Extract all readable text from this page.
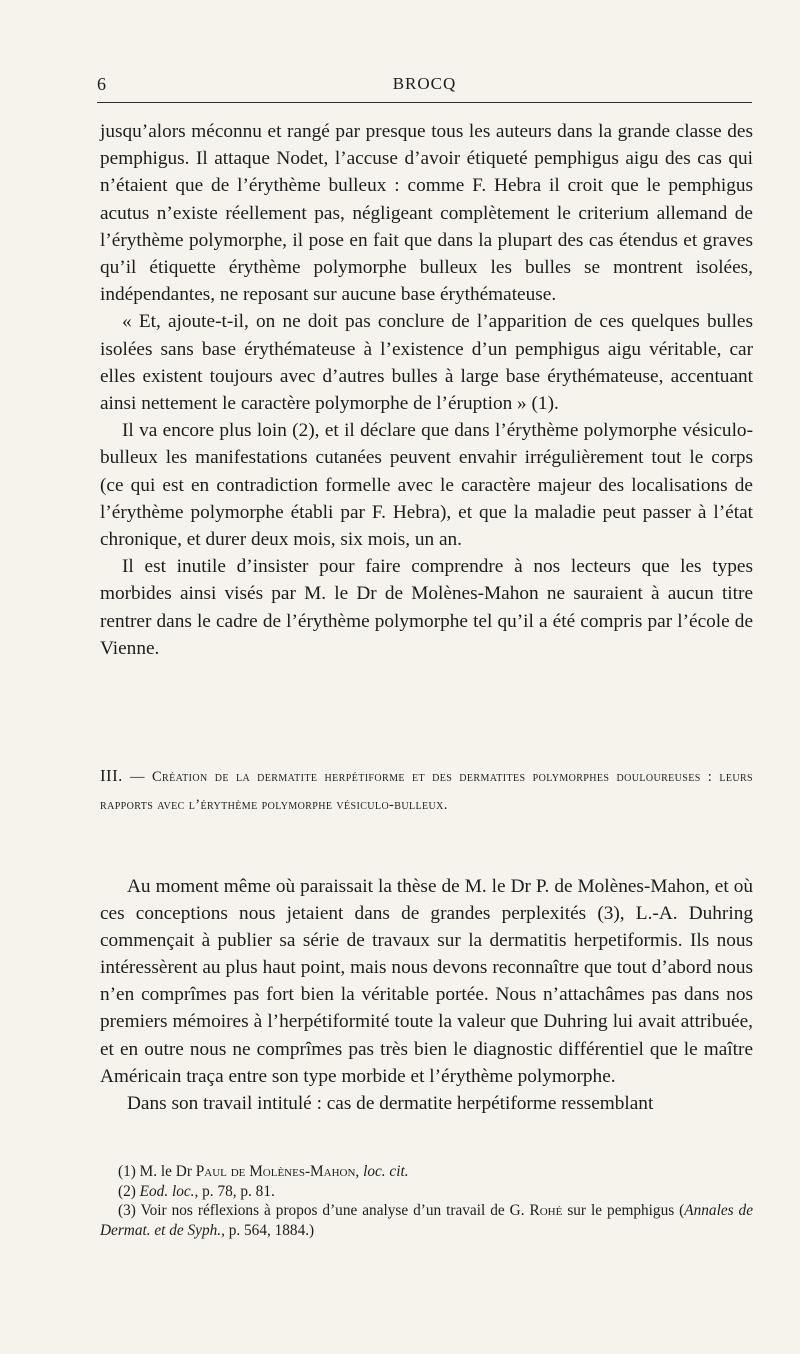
6	BROCQ

jusqu’alors méconnu et rangé par presque tous les auteurs dans la grande classe des pemphigus. Il attaque Nodet, l’accuse d’avoir étiqueté pemphigus aigu des cas qui n’étaient que de l’érythème bulleux : comme F. Hebra il croit que le pemphigus acutus n’existe réellement pas, négligeant complètement le criterium allemand de l’érythème polymorphe, il pose en fait que dans la plupart des cas étendus et graves qu’il étiquette érythème polymorphe bulleux les bulles se montrent isolées, indépendantes, ne reposant sur aucune base érythémateuse.

« Et, ajoute-t-il, on ne doit pas conclure de l’apparition de ces quelques bulles isolées sans base érythémateuse à l’existence d’un pemphigus aigu véritable, car elles existent toujours avec d’autres bulles à large base érythémateuse, accentuant ainsi nettement le caractère polymorphe de l’éruption » (1).

Il va encore plus loin (2), et il déclare que dans l’érythème polymorphe vésiculo-bulleux les manifestations cutanées peuvent envahir irrégulièrement tout le corps (ce qui est en contradiction formelle avec le caractère majeur des localisations de l’érythème polymorphe établi par F. Hebra), et que la maladie peut passer à l’état chronique, et durer deux mois, six mois, un an.

Il est inutile d’insister pour faire comprendre à nos lecteurs que les types morbides ainsi visés par M. le Dr de Molènes-Mahon ne sauraient à aucun titre rentrer dans le cadre de l’érythème polymorphe tel qu’il a été compris par l’école de Vienne.

III. — Création de la dermatite herpétiforme et des dermatites polymorphes douloureuses : leurs rapports avec l’érythème polymorphe vésiculo-bulleux.

Au moment même où paraissait la thèse de M. le Dr P. de Molènes-Mahon, et où ces conceptions nous jetaient dans de grandes perplexités (3), L.-A. Duhring commençait à publier sa série de travaux sur la dermatitis herpetiformis. Ils nous intéressèrent au plus haut point, mais nous devons reconnaître que tout d’abord nous n’en comprîmes pas fort bien la véritable portée. Nous n’attachâmes pas dans nos premiers mémoires à l’herpétiformité toute la valeur que Duhring lui avait attribuée, et en outre nous ne comprîmes pas très bien le diagnostic différentiel que le maître Américain traça entre son type morbide et l’érythème polymorphe.

Dans son travail intitulé : cas de dermatite herpétiforme ressemblant

(1) M. le Dr Paul de Molènes-Mahon, loc. cit.

(2) Eod. loc., p. 78, p. 81.

(3) Voir nos réflexions à propos d’une analyse d’un travail de G. Rohé sur le pemphigus (Annales de Dermat. et de Syph., p. 564, 1884.)
